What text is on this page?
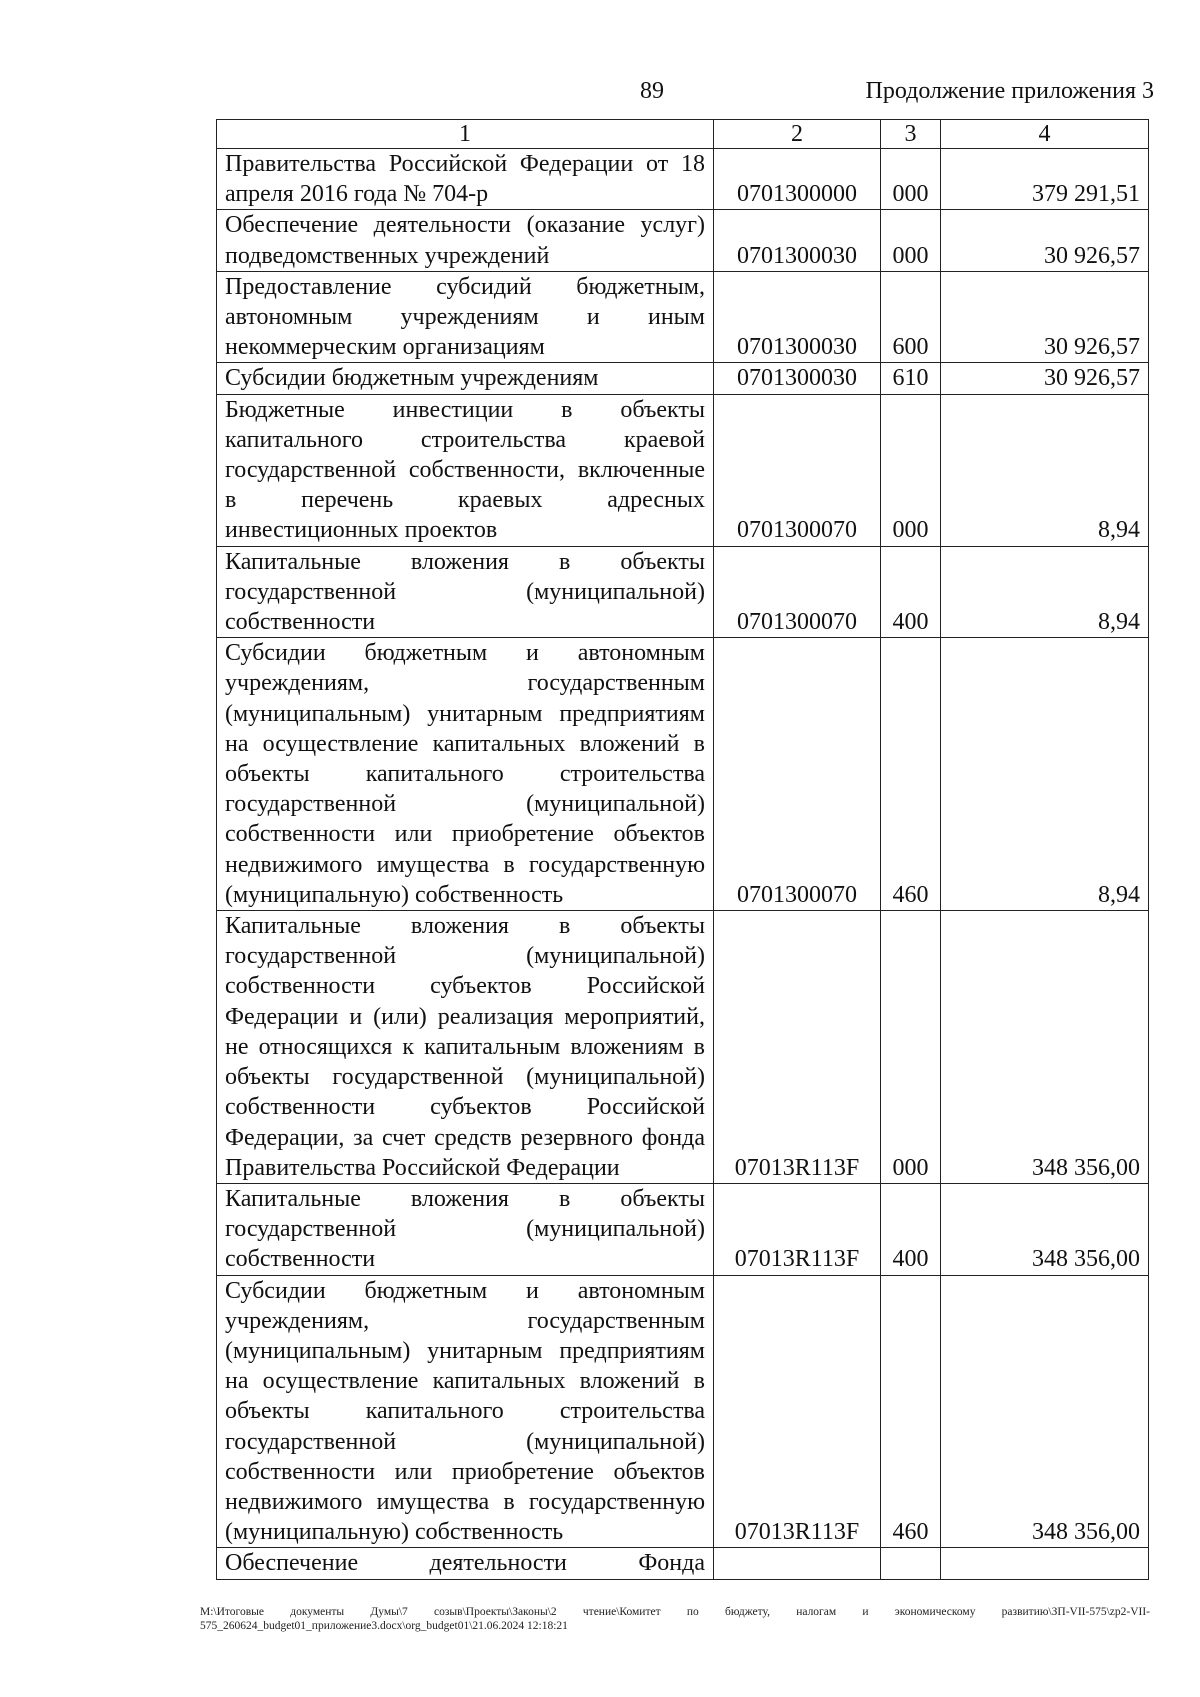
89	Продолжение приложения 3
1	2	3	4
Правительства Российской Федерации от 18 апреля 2016 года № 704-р	0701300000	000	379 291,51
Обеспечение деятельности (оказание услуг) подведомственных учреждений	0701300030	000	30 926,57
Предоставление субсидий бюджетным, автономным учреждениям и иным некоммерческим организациям	0701300030	600	30 926,57
Субсидии бюджетным учреждениям	0701300030	610	30 926,57
Бюджетные инвестиции в объекты капитального строительства краевой государственной собственности, включенные в перечень краевых адресных инвестиционных проектов	0701300070	000	8,94
Капитальные вложения в объекты государственной (муниципальной) собственности	0701300070	400	8,94
Субсидии бюджетным и автономным учреждениям, государственным (муниципальным) унитарным предприятиям на осуществление капитальных вложений в объекты капитального строительства государственной (муниципальной) собственности или приобретение объектов недвижимого имущества в государственную (муниципальную) собственность	0701300070	460	8,94
Капитальные вложения в объекты государственной (муниципальной) собственности субъектов Российской Федерации и (или) реализация мероприятий, не относящихся к капитальным вложениям в объекты государственной (муниципальной) собственности субъектов Российской Федерации, за счет средств резервного фонда Правительства Российской Федерации	07013R113F	000	348 356,00
Капитальные вложения в объекты государственной (муниципальной) собственности	07013R113F	400	348 356,00
Субсидии бюджетным и автономным учреждениям, государственным (муниципальным) унитарным предприятиям на осуществление капитальных вложений в объекты капитального строительства государственной (муниципальной) собственности или приобретение объектов недвижимого имущества в государственную (муниципальную) собственность	07013R113F	460	348 356,00
Обеспечение деятельности Фонда			
M:\Итоговые документы Думы\7 созыв\Проекты\Законы\2 чтение\Комитет по бюджету, налогам и экономическому развитию\ЗП-VII-575\zp2-VII-575_260624_budget01_приложение3.docx\org_budget01\21.06.2024 12:18:21
